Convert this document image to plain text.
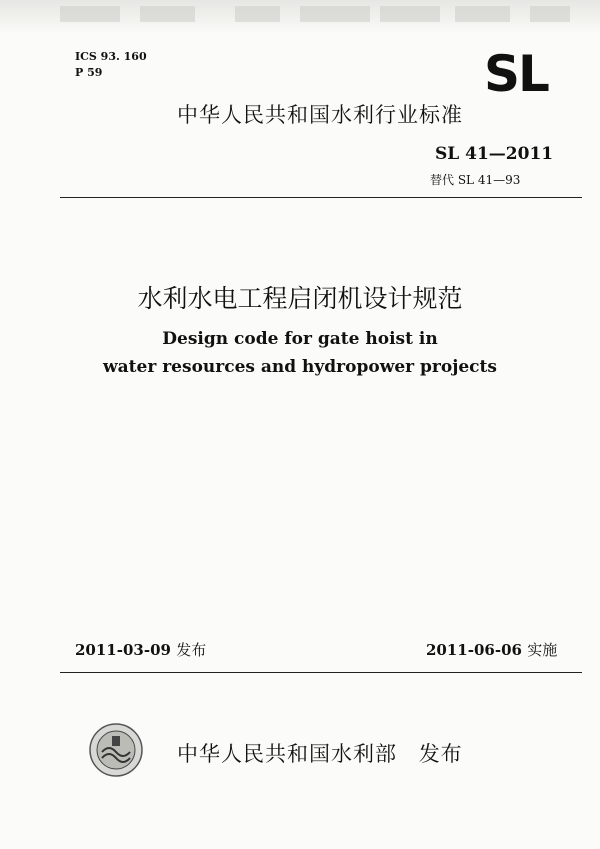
ICS 93. 160
P 59	SL
中华人民共和国水利行业标准
SL 41—2011
替代 SL 41—93
水利水电工程启闭机设计规范
Design code for gate hoist in
water resources and hydropower projects
2011-03-09 发布	2011-06-06 实施
中华人民共和国水利部 发布
